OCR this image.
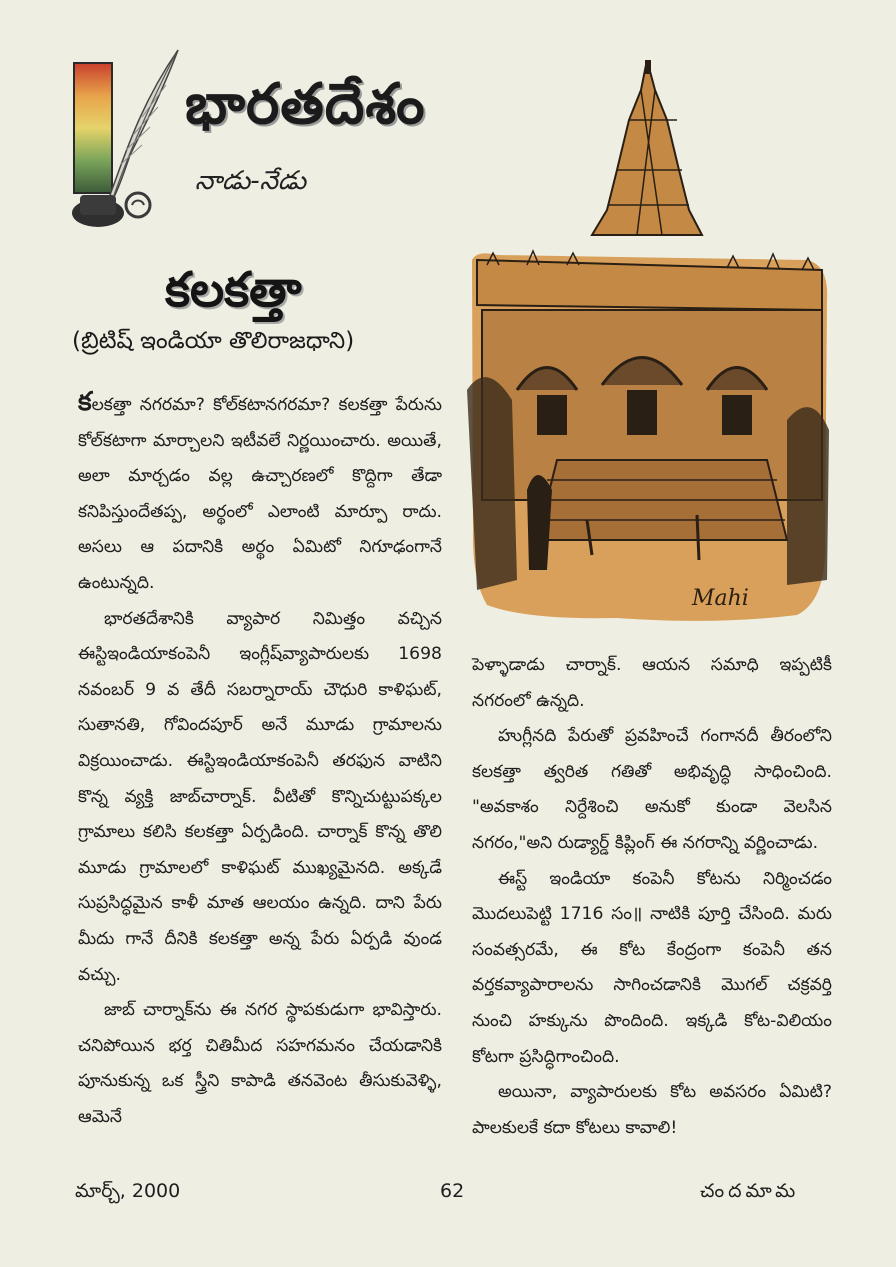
భారతదేశం
నాడు-నేడు
కలకత్తా
(బ్రిటిష్ ఇండియా తొలిరాజధాని)
Mahi

కలకత్తా నగరమా? కోల్‌కటానగరమా? కలకత్తా పేరును కోల్‌కటాగా మార్చాలని ఇటీవలే నిర్ణయించారు. అయితే, అలా మార్చడం వల్ల ఉచ్చారణలో కొద్దిగా తేడా కనిపిస్తుందేతప్ప, అర్థంలో ఎలాంటి మార్పూ రాదు. అసలు ఆ పదానికి అర్థం ఏమిటో నిగూఢంగానే ఉంటున్నది.

భారతదేశానికి వ్యాపార నిమిత్తం వచ్చిన ఈస్టిఇండియాకంపెనీ ఇంగ్లీష్‌వ్యాపారులకు 1698 నవంబర్ 9 వ తేదీ సబర్నారాయ్ చౌధురి కాళిఘట్, సుతానతి, గోవిందపూర్ అనే మూడు గ్రామాలను విక్రయించాడు. ఈస్టిఇండియాకంపెనీ తరఫున వాటిని కొన్న వ్యక్తి జాబ్‌చార్నాక్. వీటితో కొన్నిచుట్టుపక్కల గ్రామాలు కలిసి కలకత్తా ఏర్పడింది. చార్నాక్ కొన్న తొలి మూడు గ్రామాలలో కాళిఘట్ ముఖ్యమైనది. అక్కడే సుప్రసిద్ధమైన కాళీ మాత ఆలయం ఉన్నది. దాని పేరు మీదు గానే దీనికి కలకత్తా అన్న పేరు ఏర్పడి వుండ వచ్చు.

జాబ్ చార్నాక్‌ను ఈ నగర స్థాపకుడుగా భావిస్తారు. చనిపోయిన భర్త చితిమీద సహగమనం చేయడానికి పూనుకున్న ఒక స్త్రీని కాపాడి తనవెంట తీసుకువెళ్ళి, ఆమెనే

పెళ్ళాడాడు చార్నాక్. ఆయన సమాధి ఇప్పటికీ నగరంలో ఉన్నది.

హుగ్లీనది పేరుతో ప్రవహించే గంగానదీ తీరంలోని కలకత్తా త్వరిత గతితో అభివృద్ధి సాధించింది. "అవకాశం నిర్దేశించి అనుకో కుండా వెలసిన నగరం,"అని రుడ్యార్డ్ కిప్లింగ్ ఈ నగరాన్ని వర్ణించాడు.

ఈస్ట్ ఇండియా కంపెనీ కోటను నిర్మించడం మొదలుపెట్టి 1716 సం॥ నాటికి పూర్తి చేసింది. మరు సంవత్సరమే, ఈ కోట కేంద్రంగా కంపెనీ తన వర్తకవ్యాపారాలను సాగించడానికి మొగల్ చక్రవర్తి నుంచి హక్కును పొందింది. ఇక్కడి కోట-విలియం కోటగా ప్రసిద్ధిగాంచింది.

అయినా, వ్యాపారులకు కోట అవసరం ఏమిటి? పాలకులకే కదా కోటలు కావాలి!

మార్చ్, 2000	62	చందమామ
